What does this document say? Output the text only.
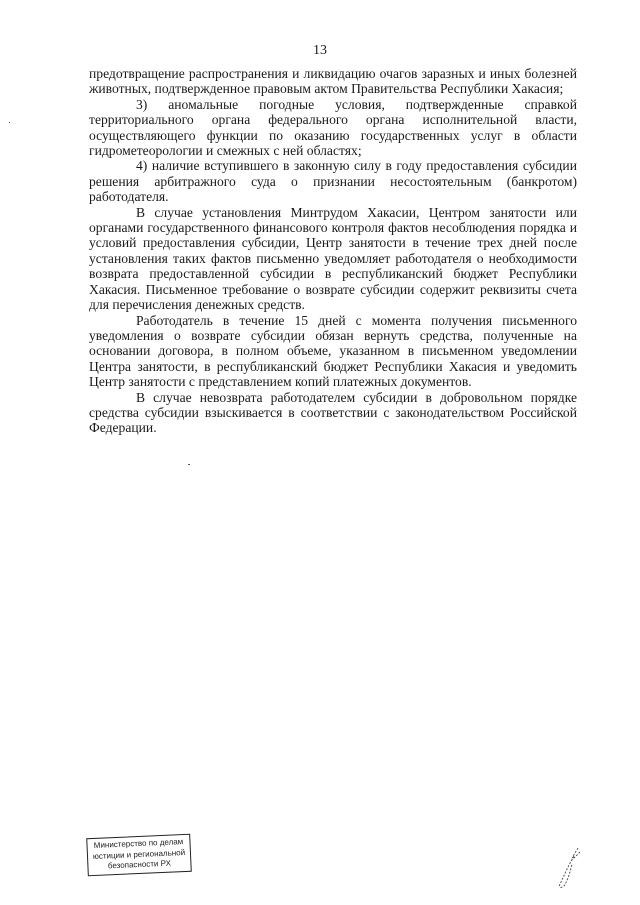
13

предотвращение распространения и ликвидацию очагов заразных и иных болезней животных, подтвержденное правовым актом Правительства Республики Хакасия;

3) аномальные погодные условия, подтвержденные справкой территориального органа федерального органа исполнительной власти, осуществляющего функции по оказанию государственных услуг в области гидрометеорологии и смежных с ней областях;

4) наличие вступившего в законную силу в году предоставления субсидии решения арбитражного суда о признании несостоятельным (банкротом) работодателя.

В случае установления Минтрудом Хакасии, Центром занятости или органами государственного финансового контроля фактов несоблюдения порядка и условий предоставления субсидии, Центр занятости в течение трех дней после установления таких фактов письменно уведомляет работодателя о необходимости возврата предоставленной субсидии в республиканский бюджет Республики Хакасия. Письменное требование о возврате субсидии содержит реквизиты счета для перечисления денежных средств.

Работодатель в течение 15 дней с момента получения письменного уведомления о возврате субсидии обязан вернуть средства, полученные на основании договора, в полном объеме, указанном в письменном уведомлении Центра занятости, в республиканский бюджет Республики Хакасия и уведомить Центр занятости с представлением копий платежных документов.

В случае невозврата работодателем субсидии в добровольном порядке средства субсидии взыскивается в соответствии с законодательством Российской Федерации.

Министерство по делам
юстиции и региональной
безопасности РХ
